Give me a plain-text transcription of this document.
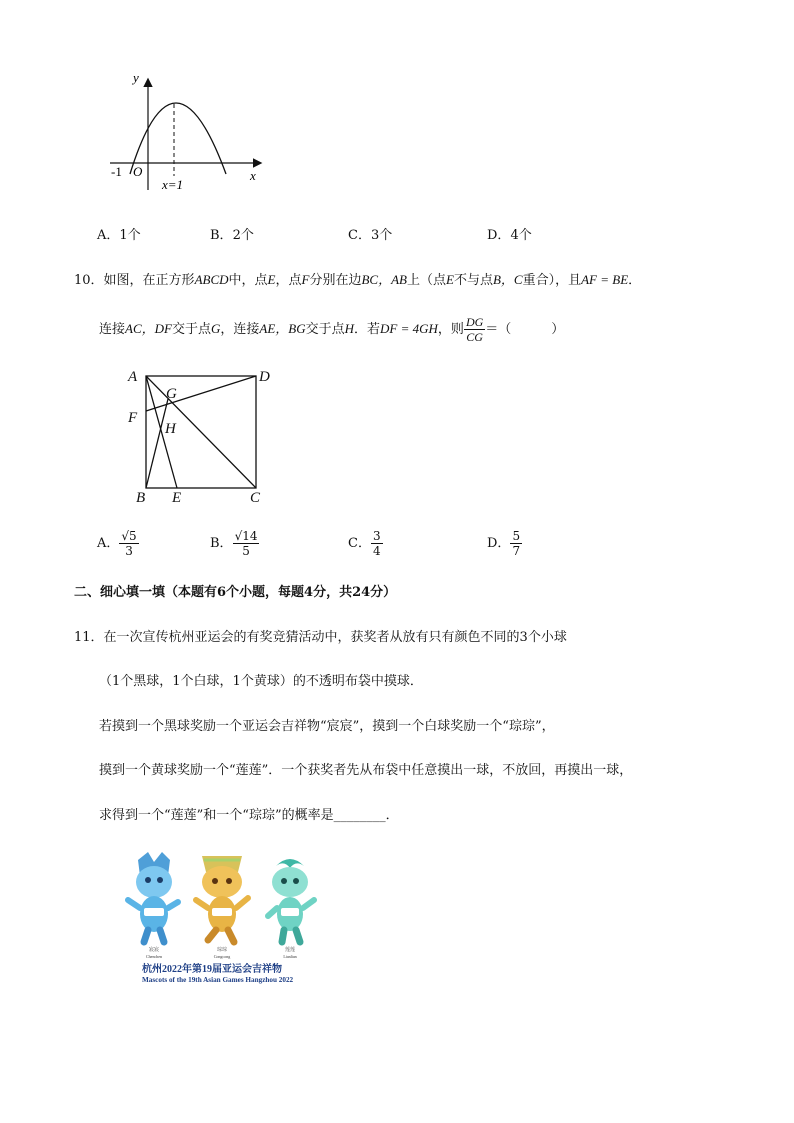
y
x
O
-1
x=1
A．1个	B．2个	C．3个	D．4个
10．如图，在正方形ABCD中，点E，点F分别在边BC，AB上（点E不与点B，C重合），且AF = BE．
连接AC，DF交于点G，连接AE，BG交于点H．若DF = 4GH，则 $\frac{DG}{CG}$ ＝（	）
A	D
G
F
H
B E	C
A． $\frac{√5}{3}$	B． $\frac{√14}{5}$	C． $\frac{3}{4}$	D． $\frac{5}{7}$
二、细心填一填（本题有6个小题，每题4分，共24分）
11．在一次宣传杭州亚运会的有奖竞猜活动中，获奖者从放有只有颜色不同的3个小球
（1个黑球，1个白球，1个黄球）的不透明布袋中摸球．
若摸到一个黑球奖励一个亚运会吉祥物“宸宸”，摸到一个白球奖励一个“琮琮”，
摸到一个黄球奖励一个“莲莲”．一个获奖者先从布袋中任意摸出一球，不放回，再摸出一球，
求得到一个“莲莲”和一个“琮琮”的概率是________．
宸宸
Chenchen
琮琮
Congcong
莲莲
Lianlian
杭州2022年第19届亚运会吉祥物
Mascots of the 19th Asian Games Hangzhou 2022
